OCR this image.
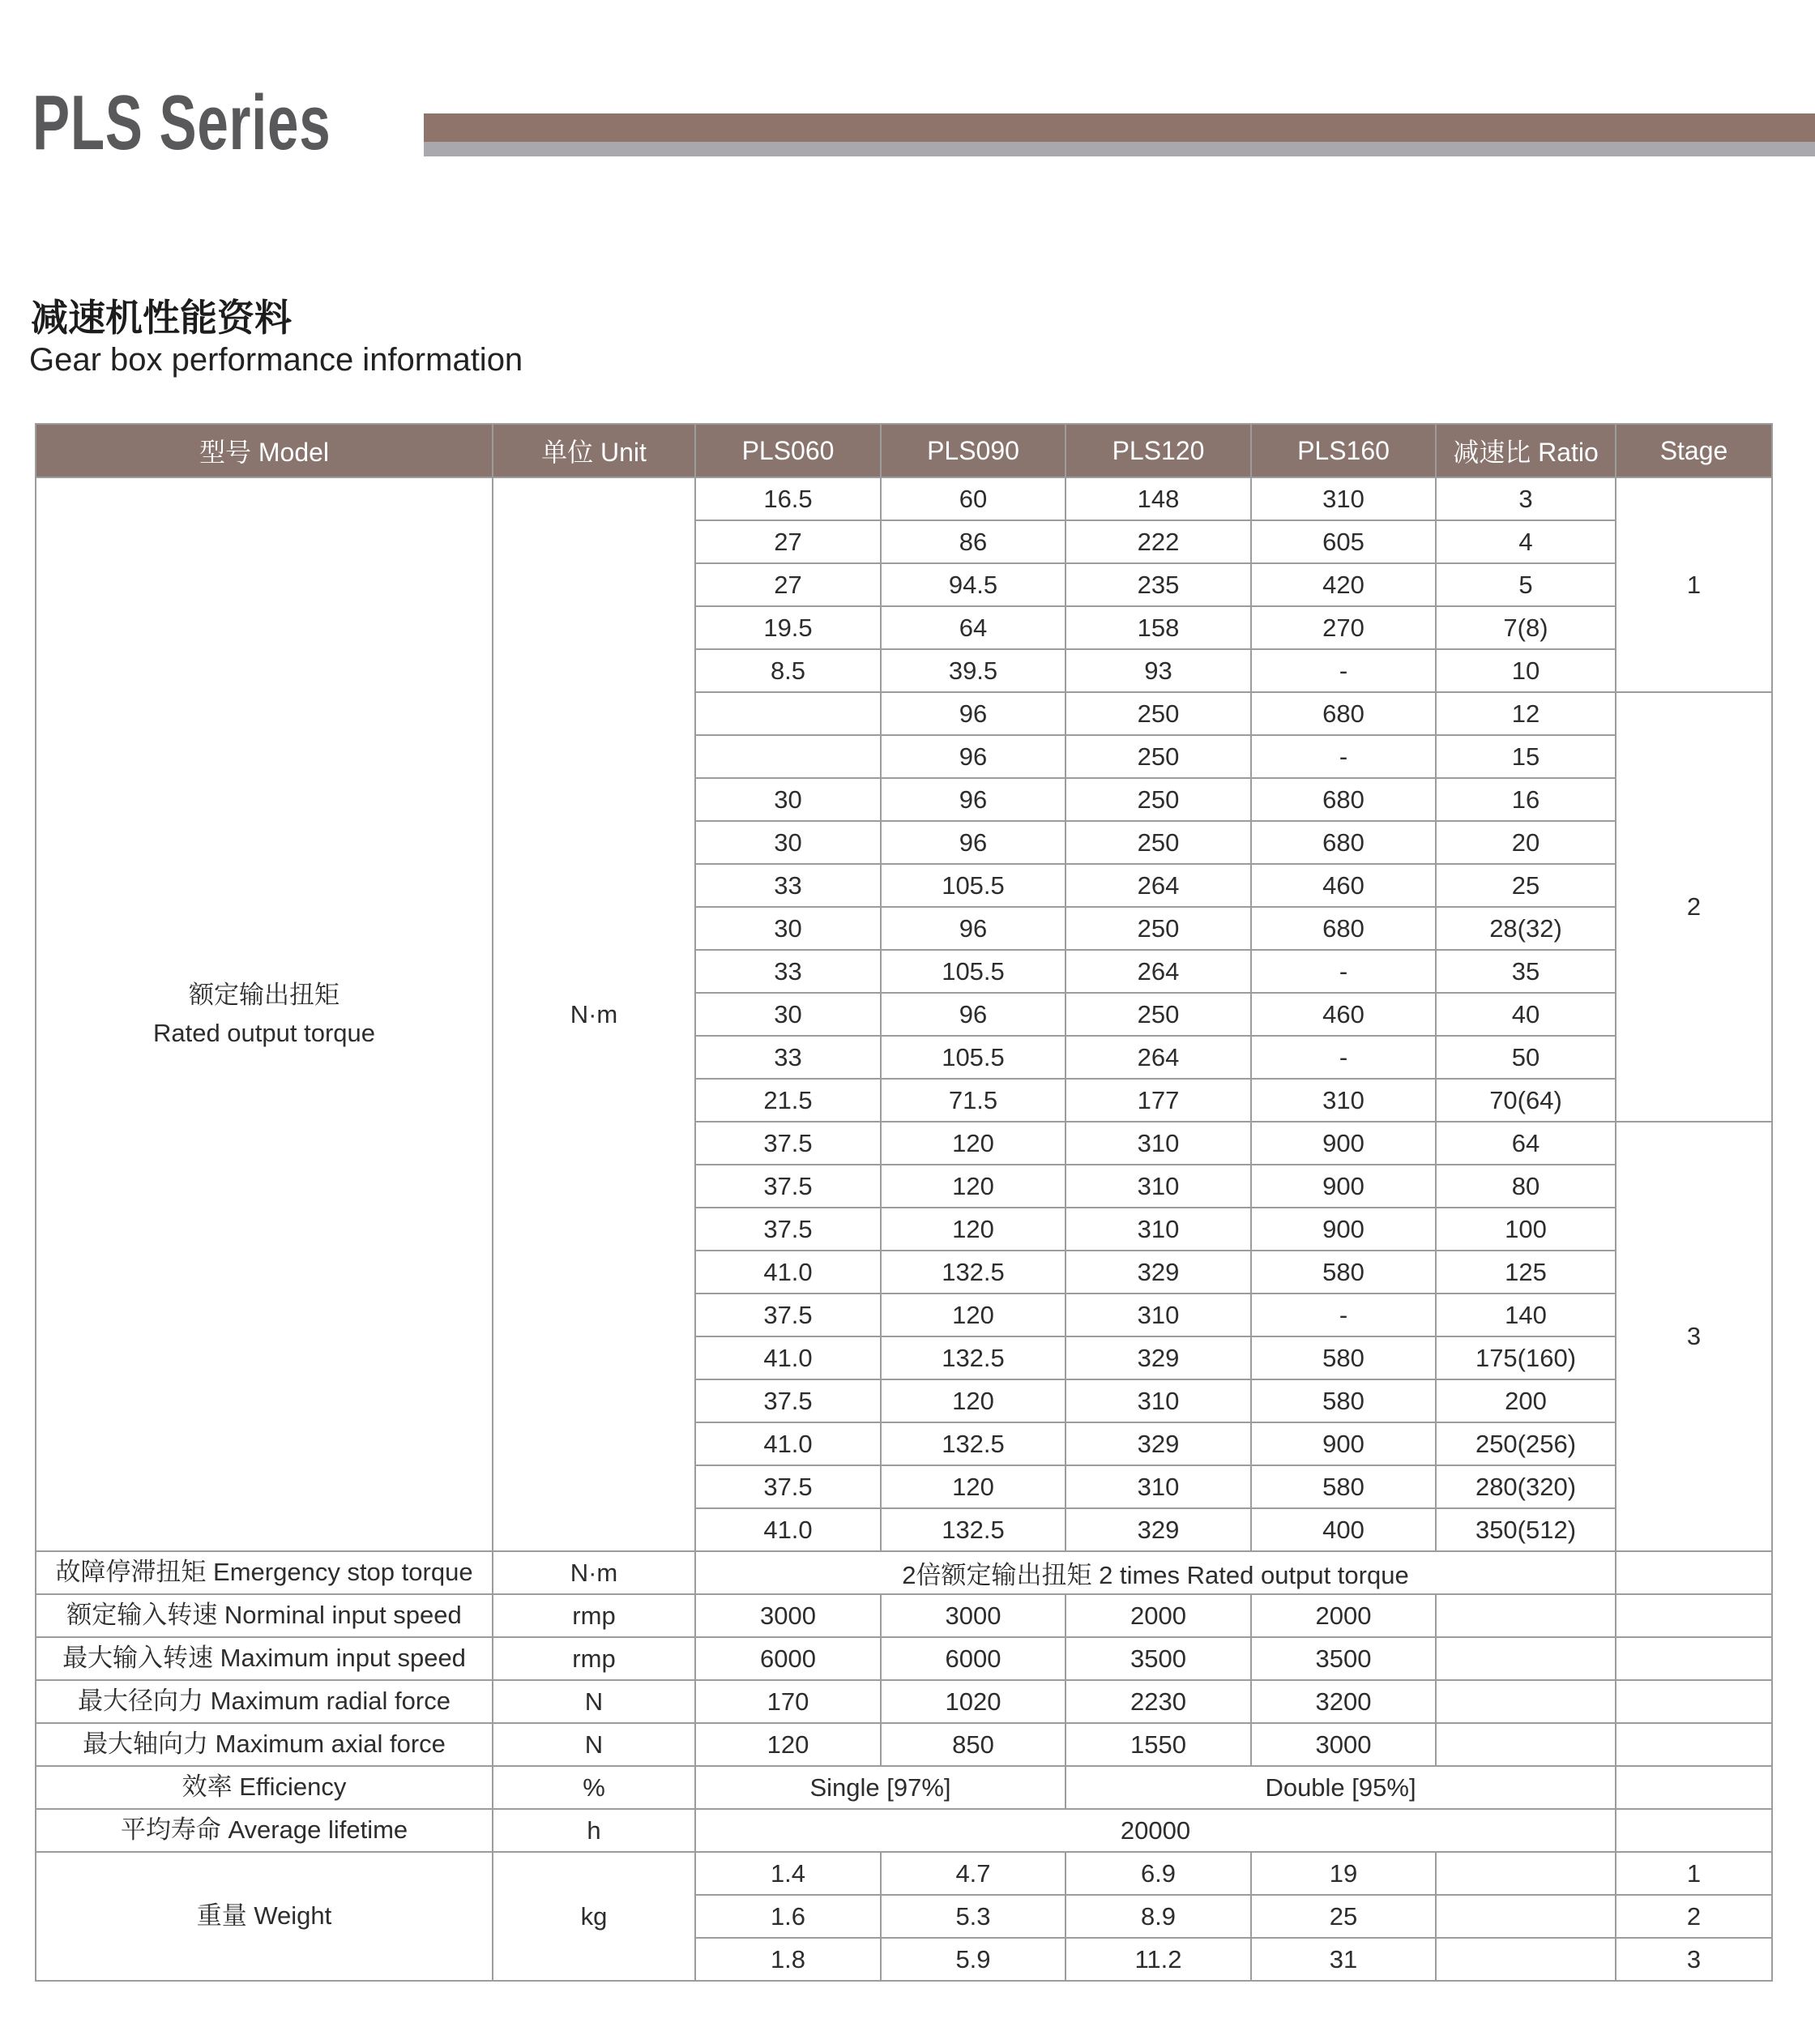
PLS Series
减速机性能资料
Gear box performance information
型号 Model	单位 Unit	PLS060	PLS090	PLS120	PLS160	减速比 Ratio	Stage

额定输出扭矩
Rated output torque	N·m	16.5	60	148	310	3	1
		27	86	222	605	4	
		27	94.5	235	420	5	
		19.5	64	158	270	7(8)	
		8.5	39.5	93	-	10	
			96	250	680	12	2
			96	250	-	15	
		30	96	250	680	16	
		30	96	250	680	20	
		33	105.5	264	460	25	
		30	96	250	680	28(32)	
		33	105.5	264	-	35	
		30	96	250	460	40	
		33	105.5	264	-	50	
		21.5	71.5	177	310	70(64)	
		37.5	120	310	900	64	3
		37.5	120	310	900	80	
		37.5	120	310	900	100	
		41.0	132.5	329	580	125	
		37.5	120	310	-	140	
		41.0	132.5	329	580	175(160)	
		37.5	120	310	580	200	
		41.0	132.5	329	900	250(256)	
		37.5	120	310	580	280(320)	
		41.0	132.5	329	400	350(512)	
故障停滞扭矩 Emergency stop torque	N·m	2倍额定输出扭矩 2 times Rated output torque					
额定输入转速 Norminal input speed	rmp	3000	3000	2000	2000		
最大输入转速 Maximum input speed	rmp	6000	6000	3500	3500		
最大径向力 Maximum radial force	N	170	1020	2230	3200		
最大轴向力 Maximum axial force	N	120	850	1550	3000		
效率 Efficiency	%	Single [97%]		Double [95%]			
平均寿命 Average lifetime	h	20000					
重量 Weight	kg	1.4	4.7	6.9	19		1
		1.6	5.3	8.9	25		2
		1.8	5.9	11.2	31		3
